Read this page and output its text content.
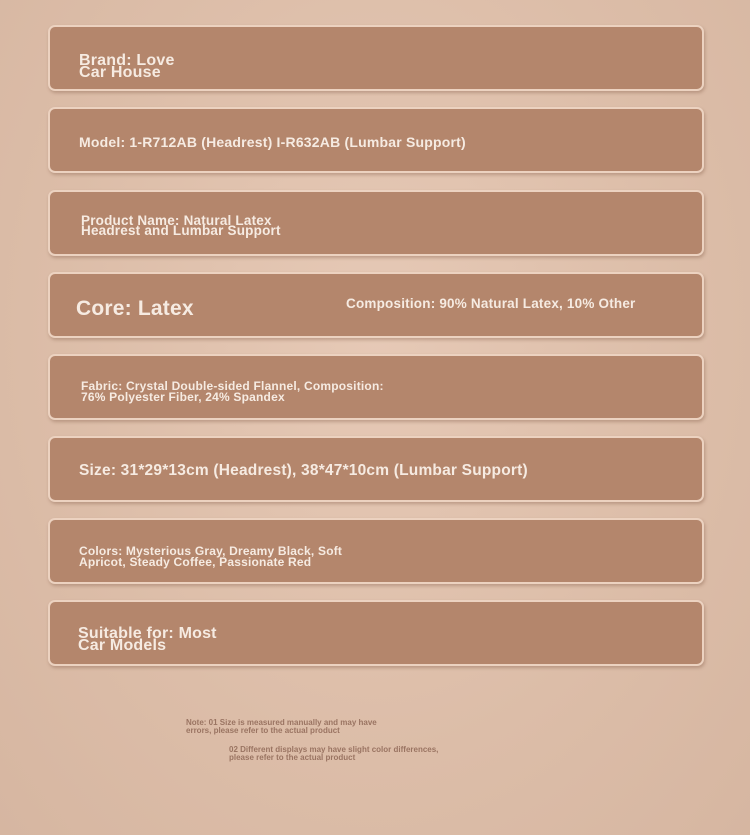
Brand: Love
Car House
Model: 1-R712AB (Headrest) I-R632AB (Lumbar Support)
Product Name: Natural Latex
Headrest and Lumbar Support
Core: Latex	Composition: 90% Natural Latex, 10% Other
Fabric: Crystal Double-sided Flannel, Composition:
76% Polyester Fiber, 24% Spandex
Size: 31*29*13cm (Headrest), 38*47*10cm (Lumbar Support)
Colors: Mysterious Gray, Dreamy Black, Soft
Apricot, Steady Coffee, Passionate Red
Suitable for: Most
Car Models
Note: 01 Size is measured manually and may have
errors, please refer to the actual product
02 Different displays may have slight color differences,
please refer to the actual product
